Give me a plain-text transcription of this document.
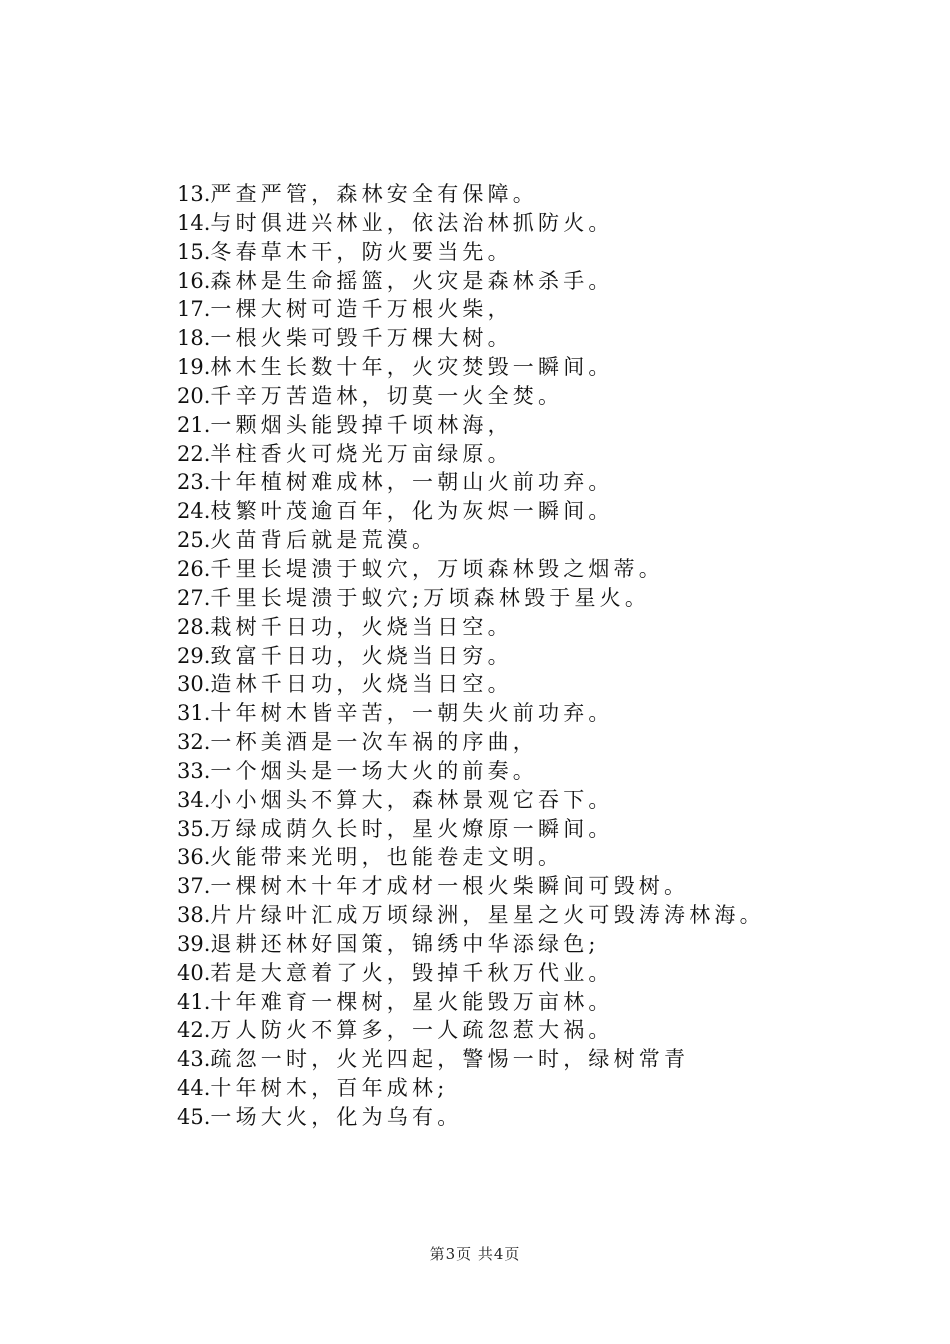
13.严查严管，森林安全有保障。
14.与时俱进兴林业，依法治林抓防火。
15.冬春草木干，防火要当先。
16.森林是生命摇篮，火灾是森林杀手。
17.一棵大树可造千万根火柴，
18.一根火柴可毁千万棵大树。
19.林木生长数十年，火灾焚毁一瞬间。
20.千辛万苦造林，切莫一火全焚。
21.一颗烟头能毁掉千顷林海，
22.半柱香火可烧光万亩绿原。
23.十年植树难成林，一朝山火前功弃。
24.枝繁叶茂逾百年，化为灰烬一瞬间。
25.火苗背后就是荒漠。
26.千里长堤溃于蚁穴，万顷森林毁之烟蒂。
27.千里长堤溃于蚁穴;万顷森林毁于星火。
28.栽树千日功，火烧当日空。
29.致富千日功，火烧当日穷。
30.造林千日功，火烧当日空。
31.十年树木皆辛苦，一朝失火前功弃。
32.一杯美酒是一次车祸的序曲，
33.一个烟头是一场大火的前奏。
34.小小烟头不算大，森林景观它吞下。
35.万绿成荫久长时，星火燎原一瞬间。
36.火能带来光明，也能卷走文明。
37.一棵树木十年才成材一根火柴瞬间可毁树。
38.片片绿叶汇成万顷绿洲，星星之火可毁涛涛林海。
39.退耕还林好国策，锦绣中华添绿色;
40.若是大意着了火，毁掉千秋万代业。
41.十年难育一棵树，星火能毁万亩林。
42.万人防火不算多，一人疏忽惹大祸。
43.疏忽一时，火光四起，警惕一时，绿树常青
44.十年树木，百年成林;
45.一场大火，化为乌有。
第3页 共4页
